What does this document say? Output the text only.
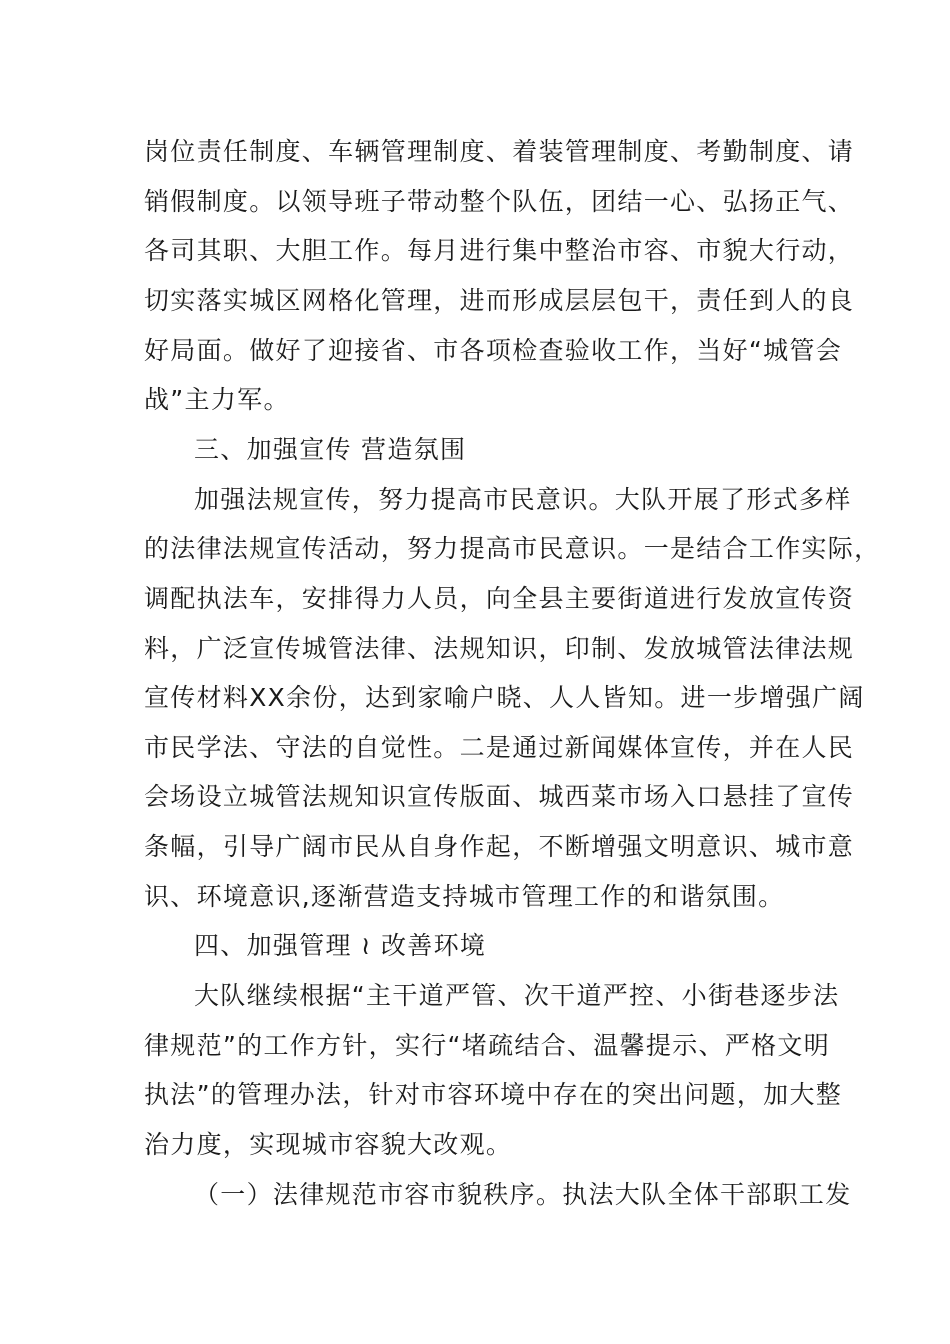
岗位责任制度、车辆管理制度、着装管理制度、考勤制度、请
销假制度。以领导班子带动整个队伍，团结一心、弘扬正气、
各司其职、大胆工作。每月进行集中整治市容、市貌大行动，
切实落实城区网格化管理，进而形成层层包干，责任到人的良
好局面。做好了迎接省、市各项检查验收工作，当好“城管会
战”主力军。
三、加强宣传 营造氛围
加强法规宣传，努力提高市民意识。大队开展了形式多样
的法律法规宣传活动，努力提高市民意识。一是结合工作实际，
调配执法车，安排得力人员，向全县主要街道进行发放宣传资
料，广泛宣传城管法律、法规知识，印制、发放城管法律法规
宣传材料XX余份，达到家喻户晓、人人皆知。进一步增强广阔
市民学法、守法的自觉性。二是通过新闻媒体宣传，并在人民
会场设立城管法规知识宣传版面、城西菜市场入口悬挂了宣传
条幅，引导广阔市民从自身作起，不断增强文明意识、城市意
识、环境意识,逐渐营造支持城市管理工作的和谐氛围。
四、加强管理 ≀ 改善环境
大队继续根据“主干道严管、次干道严控、小街巷逐步法
律规范”的工作方针，实行“堵疏结合、温馨提示、严格文明
执法”的管理办法，针对市容环境中存在的突出问题，加大整
治力度，实现城市容貌大改观。
（一）法律规范市容市貌秩序。执法大队全体干部职工发
